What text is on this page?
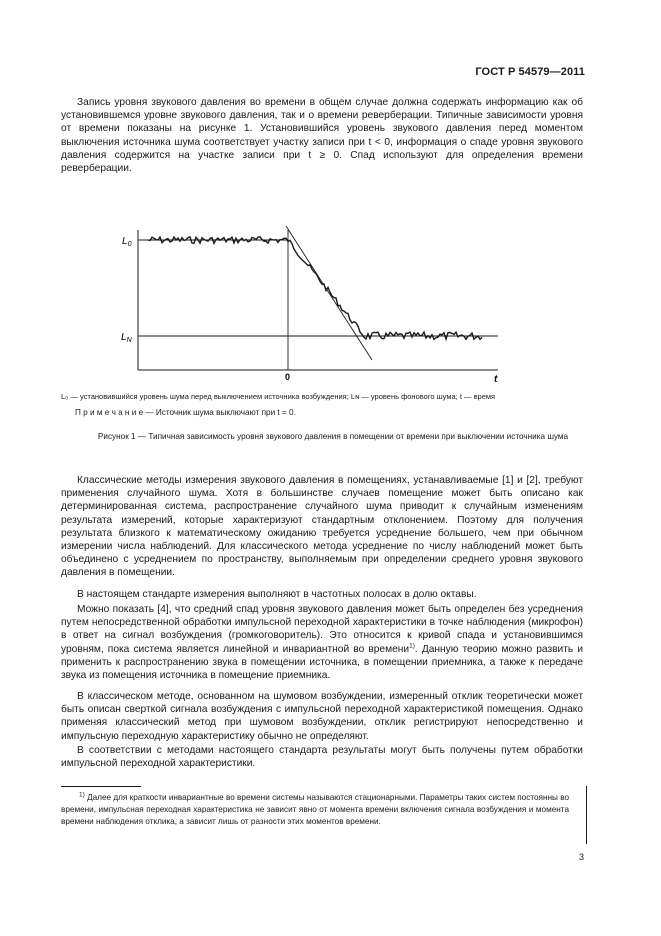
ГОСТ Р 54579—2011

Запись уровня звукового давления во времени в общем случае должна содержать информацию как об установившемся уровне звукового давления, так и о времени реверберации. Типичные зависимости уровня от времени показаны на рисунке 1. Установившийся уровень звукового давления перед моментом выключения источника шума соответствует участку записи при t < 0, информация о спаде уровня звукового давления содержится на участке записи при t ≥ 0. Спад используют для определения времени реверберации.

$L_0$
$L_N$
0	t
L₀ — установившийся уровень шума перед выключением источника возбуждения; Lɴ — уровень фонового шума; t — время
П р и м е ч а н и е — Источник шума выключают при t = 0.
Рисунок 1 — Типичная зависимость уровня звукового давления в помещении от времени при выключении источника шума

Классические методы измерения звукового давления в помещениях, устанавливаемые [1] и [2], требуют применения случайного шума. Хотя в большинстве случаев помещение может быть описано как детерминированная система, распространение случайного шума приводит к случайным изменениям результата измерений, которые характеризуют стандартным отклонением. Поэтому для получения результата близкого к математическому ожиданию требуется усреднение большего, чем при обычном измерении числа наблюдений. Для классического метода усреднение по числу наблюдений может быть объединено с усреднением по пространству, выполняемым при определении среднего уровня звукового давления в помещении.

В настоящем стандарте измерения выполняют в частотных полосах в долю октавы.

Можно показать [4], что средний спад уровня звукового давления может быть определен без усреднения путем непосредственной обработки импульсной переходной характеристики в точке наблюдения (микрофон) в ответ на сигнал возбуждения (громкоговоритель). Это относится к кривой спада и установившимся уровням, пока система является линейной и инвариантной во времени$^{1)}$. Данную теорию можно развить и применить к распространению звука в помещении источника, в помещении приемника, а также к передаче звука из помещения источника в помещение приемника.

В классическом методе, основанном на шумовом возбуждении, измеренный отклик теоретически может быть описан сверткой сигнала возбуждения с импульсной переходной характеристикой помещения. Однако применяя классический метод при шумовом возбуждении, отклик регистрируют непосредственно и импульсную переходную характеристику обычно не определяют.

В соответствии с методами настоящего стандарта результаты могут быть получены путем обработки импульсной переходной характеристики.

$^{1)}$ Далее для краткости инвариантные во времени системы называются стационарными. Параметры таких систем постоянны во времени, импульсная переходная характеристика не зависит явно от момента времени включения сигнала возбуждения и момента времени наблюдения отклика, а зависит лишь от разности этих моментов времени.

3
